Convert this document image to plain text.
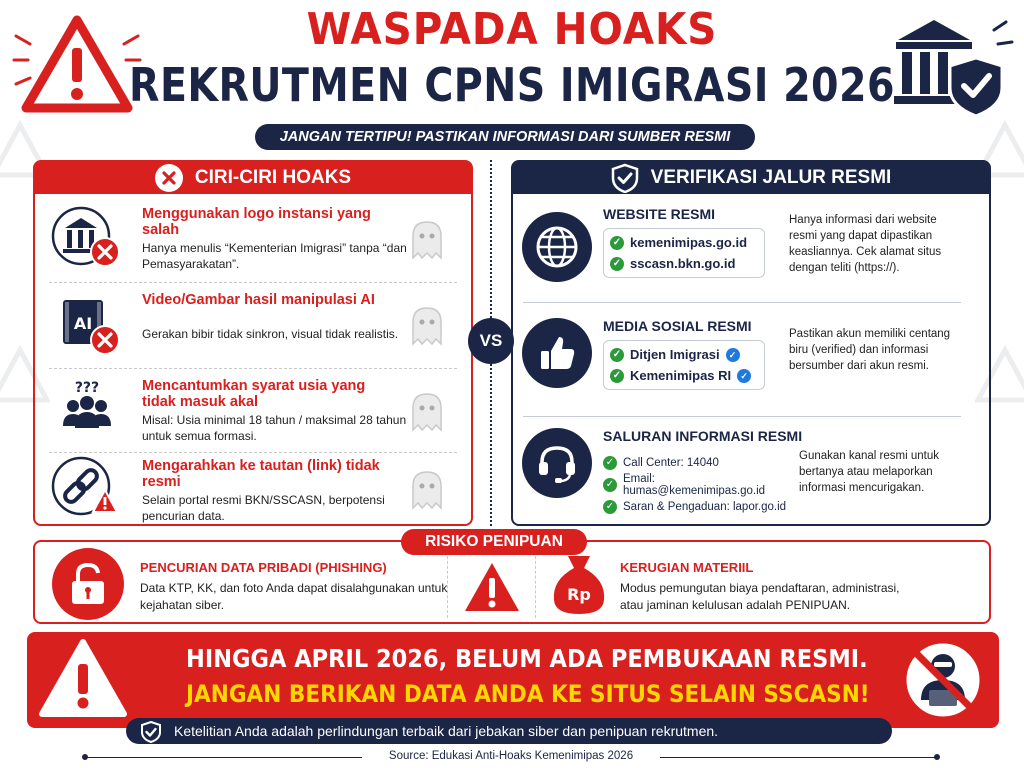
WASPADA HOAKS
REKRUTMEN CPNS IMIGRASI 2026
JANGAN TERTIPU! PASTIKAN INFORMASI DARI SUMBER RESMI
CIRI-CIRI HOAKS
Menggunakan logo instansi yang salah
Hanya menulis “Kementerian Imigrasi” tanpa “dan Pemasyarakatan”.
AI
Video/Gambar hasil manipulasi AI
Gerakan bibir tidak sinkron, visual tidak realistis.
???	Mencantumkan syarat usia yang tidak masuk akal
Misal: Usia minimal 18 tahun / maksimal 28 tahun untuk semua formasi.
Mengarahkan ke tautan (link) tidak resmi
Selain portal resmi BKN/SSCASN, berpotensi pencurian data.
VS
VERIFIKASI JALUR RESMI
WEBSITE RESMI
✓ kemenimipas.go.id
✓ sscasn.bkn.go.id
Hanya informasi dari website resmi yang dapat dipastikan keasliannya. Cek alamat situs dengan teliti (https://).
MEDIA SOSIAL RESMI
✓ Ditjen Imigrasi	✓
✓ Kemenimipas RI	✓
Pastikan akun memiliki centang biru (verified) dan informasi bersumber dari akun resmi.
SALURAN INFORMASI RESMI
✓ Call Center: 14040
✓ Email: humas@kemenimipas.go.id
✓ Saran & Pengaduan: lapor.go.id
Gunakan kanal resmi untuk bertanya atau melaporkan informasi mencurigakan.
RISIKO PENIPUAN
PENCURIAN DATA PRIBADI (PHISHING)
Data KTP, KK, dan foto Anda dapat disalahgunakan untuk kejahatan siber.
Rp
KERUGIAN MATERIIL
Modus pemungutan biaya pendaftaran, administrasi, atau jaminan kelulusan adalah PENIPUAN.
HINGGA APRIL 2026, BELUM ADA PEMBUKAAN RESMI.
JANGAN BERIKAN DATA ANDA KE SITUS SELAIN SSCASN!
Ketelitian Anda adalah perlindungan terbaik dari jebakan siber dan penipuan rekrutmen.
Source: Edukasi Anti-Hoaks Kemenimipas 2026
